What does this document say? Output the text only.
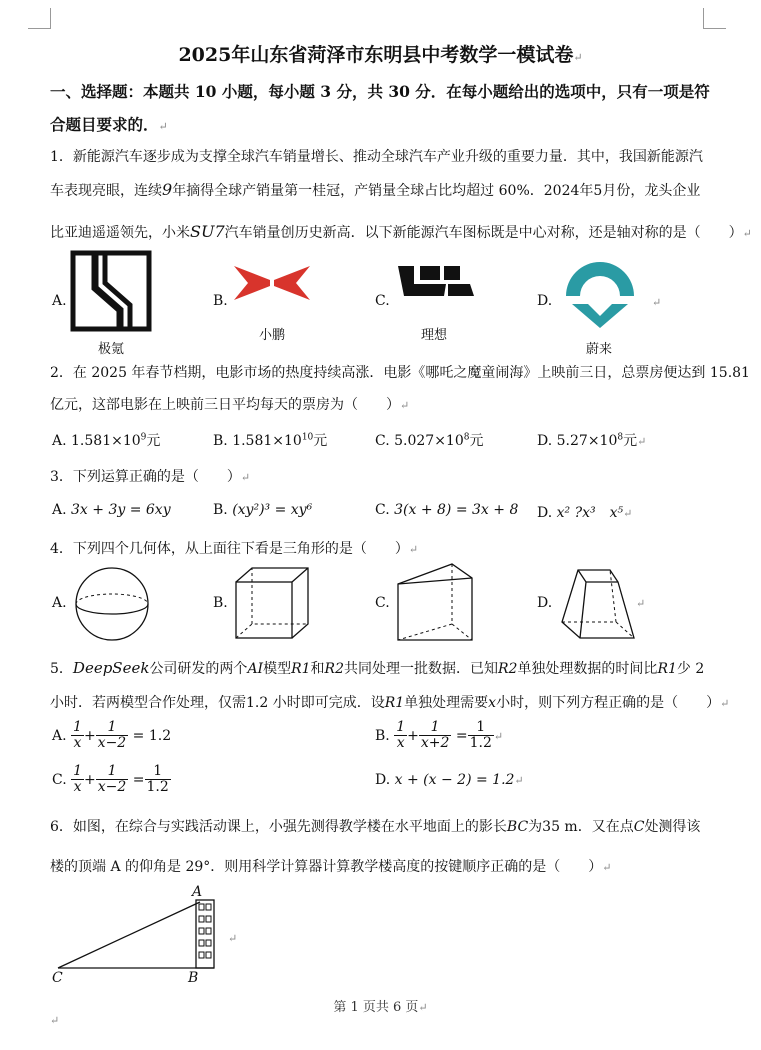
2025年山东省菏泽市东明县中考数学一模试卷↵
一、选择题：本题共 10 小题，每小题 3 分，共 30 分．在每小题给出的选项中，只有一项是符
合题目要求的．↵
1．新能源汽车逐步成为支撑全球汽车销量增长、推动全球汽车产业升级的重要力量．其中，我国新能源汽
车表现亮眼，连续9年摘得全球产销量第一桂冠，产销量全球占比均超过 60%．2024年5月份，龙头企业
比亚迪遥遥领先，小米SU7汽车销量创历史新高．以下新能源汽车图标既是中心对称，还是轴对称的是（　　）↵
A.
极氪
B.
小鹏
C.
理想
D.
蔚来
↵
2．在 2025 年春节档期，电影市场的热度持续高涨．电影《哪吒之魔童闹海》上映前三日，总票房便达到 15.81
亿元，这部电影在上映前三日平均每天的票房为（　　）↵
A. $1.581\times 10^9$元	B. $1.581\times 10^{10}$元	C. $5.027\times 10^8$元	D. $5.27\times 10^8$元↵
3．下列运算正确的是（　　）↵
A. 3x + 3y = 6xy	B. (xy²)³ = xy⁶	C. 3(x + 8) = 3x + 8 D. x² ?x³　x⁵↵
4．下列四个几何体，从上面往下看是三角形的是（　　）↵
A.	B.	C.	D.	↵
5．DeepSeek公司研发的两个AI模型R1和R2共同处理一批数据．已知R2单独处理数据的时间比R1少 2
小时．若两模型合作处理，仅需1.2 小时即可完成．设R1单独处理需要x小时，则下列方程正确的是（　　）↵
A. $\frac{1}{x} + \frac{1}{x-2} = 1.2$	B. $\frac{1}{x} + \frac{1}{x+2} = \frac{1}{1.2}$ ↵
C. $\frac{1}{x} + \frac{1}{x-2} = \frac{1}{1.2}$	D. x + (x − 2) = 1.2↵
6．如图，在综合与实践活动课上，小强先测得教学楼在水平地面上的影长BC为35 m．又在点C处测得该
楼的顶端 A 的仰角是 29°．则用科学计算器计算教学楼高度的按键顺序正确的是（　　）↵
A
B
C
↵
第 1 页共 6 页↵
↵
